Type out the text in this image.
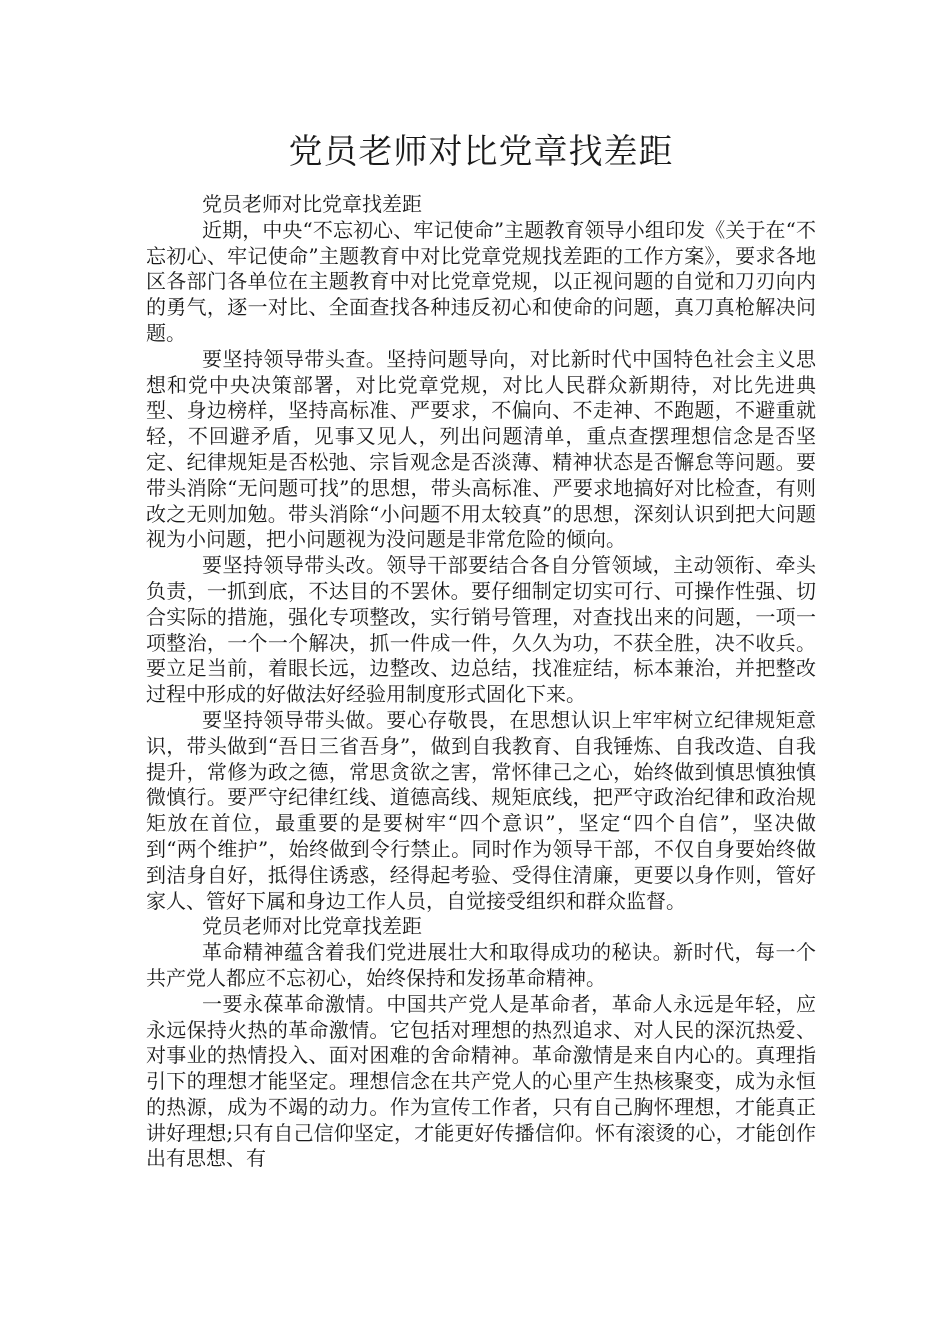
党员老师对比党章找差距

党员老师对比党章找差距

近期，中央“不忘初心、牢记使命”主题教育领导小组印发《关于在“不忘初心、牢记使命”主题教育中对比党章党规找差距的工作方案》，要求各地区各部门各单位在主题教育中对比党章党规，以正视问题的自觉和刀刃向内的勇气，逐一对比、全面查找各种违反初心和使命的问题，真刀真枪解决问题。

要坚持领导带头查。坚持问题导向，对比新时代中国特色社会主义思想和党中央决策部署，对比党章党规，对比人民群众新期待，对比先进典型、身边榜样，坚持高标准、严要求，不偏向、不走神、不跑题，不避重就轻，不回避矛盾，见事又见人，列出问题清单，重点查摆理想信念是否坚定、纪律规矩是否松弛、宗旨观念是否淡薄、精神状态是否懈怠等问题。要带头消除“无问题可找”的思想，带头高标准、严要求地搞好对比检查，有则改之无则加勉。带头消除“小问题不用太较真”的思想，深刻认识到把大问题视为小问题，把小问题视为没问题是非常危险的倾向。

要坚持领导带头改。领导干部要结合各自分管领域，主动领衔、牵头负责，一抓到底，不达目的不罢休。要仔细制定切实可行、可操作性强、切合实际的措施，强化专项整改，实行销号管理，对查找出来的问题，一项一项整治，一个一个解决，抓一件成一件，久久为功，不获全胜，决不收兵。要立足当前，着眼长远，边整改、边总结，找准症结，标本兼治，并把整改过程中形成的好做法好经验用制度形式固化下来。

要坚持领导带头做。要心存敬畏，在思想认识上牢牢树立纪律规矩意识，带头做到“吾日三省吾身”，做到自我教育、自我锤炼、自我改造、自我提升，常修为政之德，常思贪欲之害，常怀律己之心，始终做到慎思慎独慎微慎行。要严守纪律红线、道德高线、规矩底线，把严守政治纪律和政治规矩放在首位，最重要的是要树牢“四个意识”，坚定“四个自信”，坚决做到“两个维护”，始终做到令行禁止。同时作为领导干部，不仅自身要始终做到洁身自好，抵得住诱惑，经得起考验、受得住清廉，更要以身作则，管好家人、管好下属和身边工作人员，自觉接受组织和群众监督。

党员老师对比党章找差距

革命精神蕴含着我们党进展壮大和取得成功的秘诀。新时代，每一个共产党人都应不忘初心，始终保持和发扬革命精神。

一要永葆革命激情。中国共产党人是革命者，革命人永远是年轻，应永远保持火热的革命激情。它包括对理想的热烈追求、对人民的深沉热爱、对事业的热情投入、面对困难的舍命精神。革命激情是来自内心的。真理指引下的理想才能坚定。理想信念在共产党人的心里产生热核聚变，成为永恒的热源，成为不竭的动力。作为宣传工作者，只有自己胸怀理想，才能真正讲好理想;只有自己信仰坚定，才能更好传播信仰。怀有滚烫的心，才能创作出有思想、有
